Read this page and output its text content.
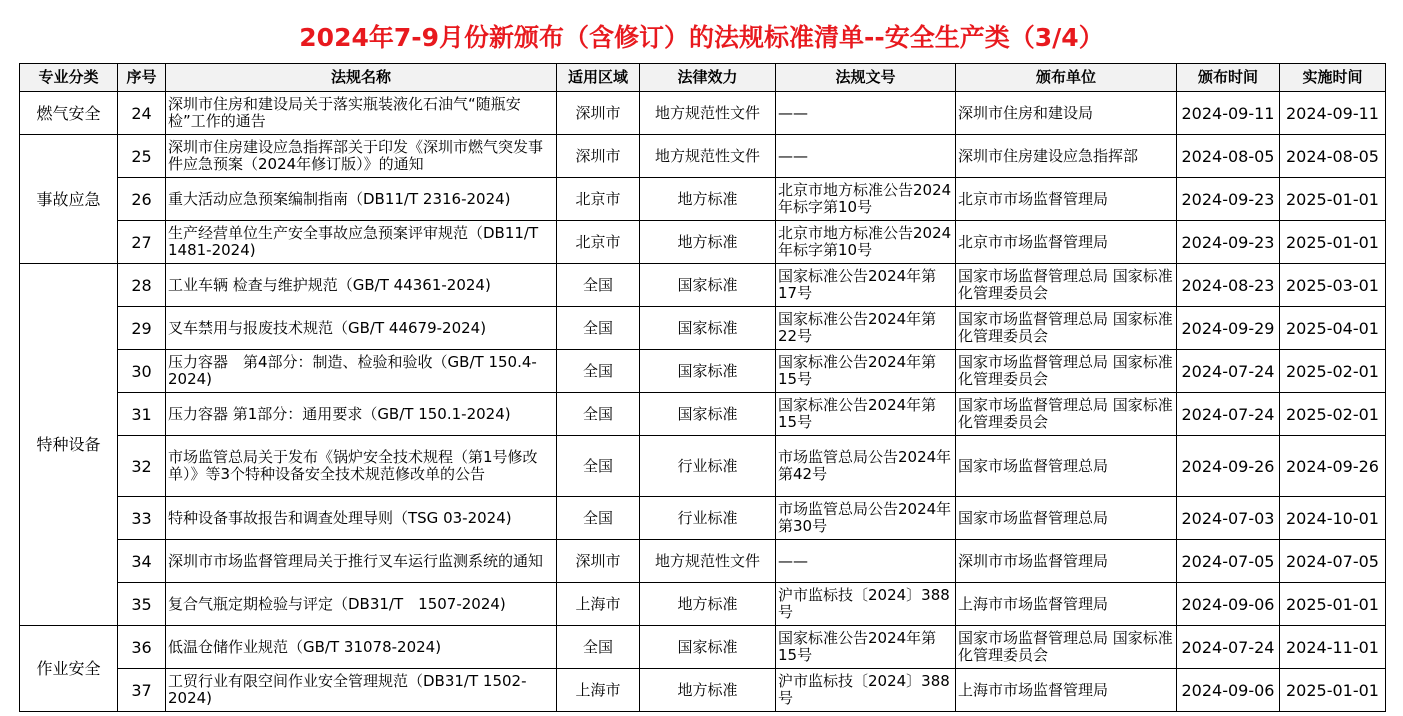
2024年7-9月份新颁布（含修订）的法规标准清单--安全生产类（3/4）
专业分类	序号	法规名称	适用区域	法律效力	法规文号	颁布单位	颁布时间	实施时间
燃气安全	24	深圳市住房和建设局关于落实瓶装液化石油气“随瓶安检”工作的通告	深圳市	地方规范性文件	——	深圳市住房和建设局	2024-09-11	2024-09-11
事故应急	25	深圳市住房建设应急指挥部关于印发《深圳市燃气突发事件应急预案（2024年修订版）》的通知	深圳市	地方规范性文件	——	深圳市住房建设应急指挥部	2024-08-05	2024-08-05
	26	重大活动应急预案编制指南（DB11/T 2316-2024)	北京市	地方标准	北京市地方标准公告2024年标字第10号	北京市市场监督管理局	2024-09-23	2025-01-01
	27	生产经营单位生产安全事故应急预案评审规范（DB11/T 1481-2024)	北京市	地方标准	北京市地方标准公告2024年标字第10号	北京市市场监督管理局	2024-09-23	2025-01-01
特种设备	28	工业车辆 检查与维护规范（GB/T 44361-2024)	全国	国家标准	国家标准公告2024年第17号	国家市场监督管理总局 国家标准化管理委员会	2024-08-23	2025-03-01
	29	叉车禁用与报废技术规范（GB/T 44679-2024)	全国	国家标准	国家标准公告2024年第22号	国家市场监督管理总局 国家标准化管理委员会	2024-09-29	2025-04-01
	30	压力容器　第4部分：制造、检验和验收（GB/T 150.4-2024)	全国	国家标准	国家标准公告2024年第15号	国家市场监督管理总局 国家标准化管理委员会	2024-07-24	2025-02-01
	31	压力容器 第1部分：通用要求（GB/T 150.1-2024)	全国	国家标准	国家标准公告2024年第15号	国家市场监督管理总局 国家标准化管理委员会	2024-07-24	2025-02-01
	32	市场监管总局关于发布《锅炉安全技术规程（第1号修改单）》等3个特种设备安全技术规范修改单的公告	全国	行业标准	市场监管总局公告2024年第42号	国家市场监督管理总局	2024-09-26	2024-09-26
	33	特种设备事故报告和调查处理导则（TSG 03-2024)	全国	行业标准	市场监管总局公告2024年第30号	国家市场监督管理总局	2024-07-03	2024-10-01
	34	深圳市市场监督管理局关于推行叉车运行监测系统的通知	深圳市	地方规范性文件	——	深圳市市场监督管理局	2024-07-05	2024-07-05
	35	复合气瓶定期检验与评定（DB31/T　1507-2024)	上海市	地方标准	沪市监标技〔2024〕388号	上海市市场监督管理局	2024-09-06	2025-01-01
作业安全	36	低温仓储作业规范（GB/T 31078-2024)	全国	国家标准	国家标准公告2024年第15号	国家市场监督管理总局 国家标准化管理委员会	2024-07-24	2024-11-01
	37	工贸行业有限空间作业安全管理规范（DB31/T 1502-2024)	上海市	地方标准	沪市监标技〔2024〕388号	上海市市场监督管理局	2024-09-06	2025-01-01
